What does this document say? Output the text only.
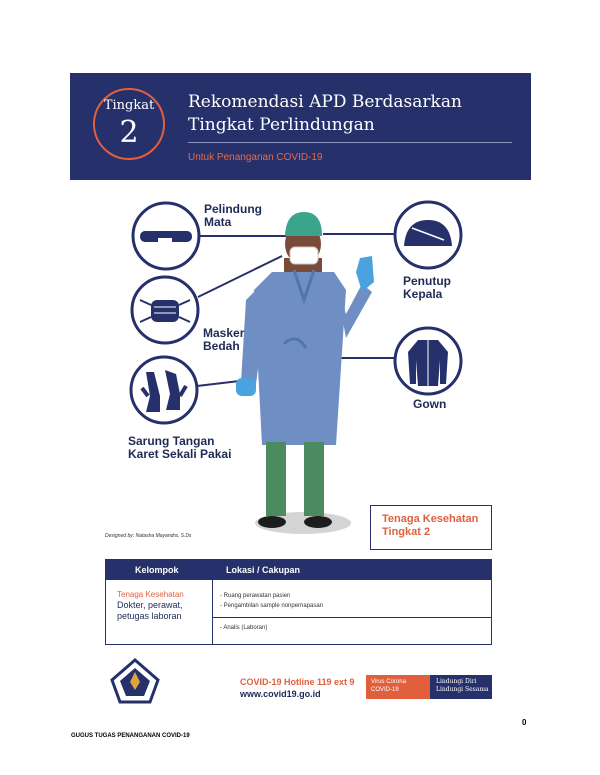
Tingkat
2
Rekomendasi APD Berdasarkan
Tingkat Perlindungan
Untuk Penanganan COVID-19
Pelindung
Mata
Masker
Bedah
Sarung Tangan
Karet Sekali Pakai
Penutup
Kepala
Gown
Designed by: Natasha Mayandra, S.Ds
Tenaga Kesehatan
Tingkat 2
Kelompok	Lokasi / Cakupan
Tenaga Kesehatan
Dokter, perawat,
petugas laboran
- Ruang perawatan pasien
- Pengambilan sample nonpernapasan
- Analis (Laboran)
COVID-19 Hotline 119 ext 9
www.covid19.go.id
Virus Corona
COVID-19
Lindungi Diri
Lindungi Sesama
GUGUS TUGAS PENANGANAN COVID-19
0
